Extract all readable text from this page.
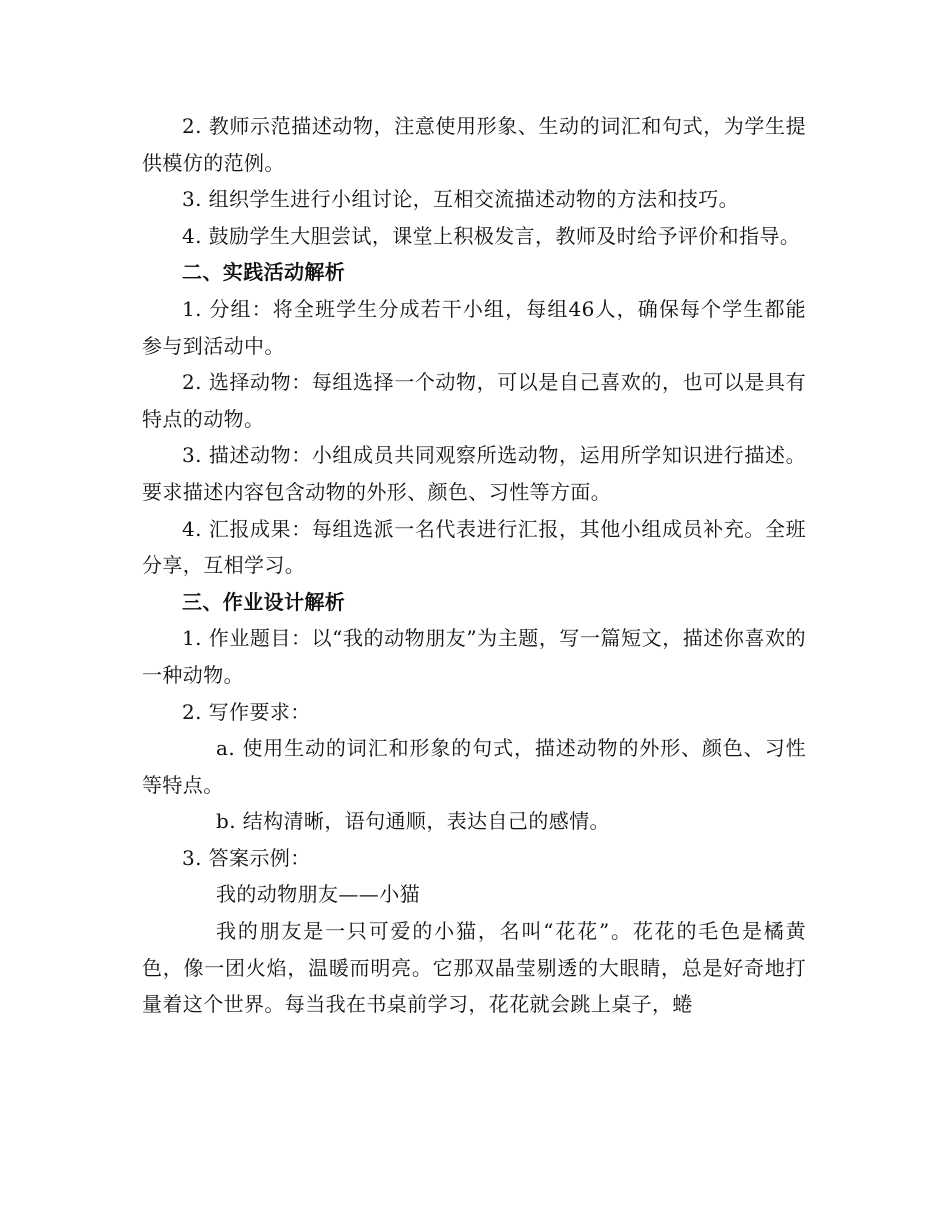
2. 教师示范描述动物，注意使用形象、生动的词汇和句式，为学生提供模仿的范例。

3. 组织学生进行小组讨论，互相交流描述动物的方法和技巧。

4. 鼓励学生大胆尝试，课堂上积极发言，教师及时给予评价和指导。

二、实践活动解析

1. 分组：将全班学生分成若干小组，每组46人，确保每个学生都能参与到活动中。

2. 选择动物：每组选择一个动物，可以是自己喜欢的，也可以是具有特点的动物。

3. 描述动物：小组成员共同观察所选动物，运用所学知识进行描述。要求描述内容包含动物的外形、颜色、习性等方面。

4. 汇报成果：每组选派一名代表进行汇报，其他小组成员补充。全班分享，互相学习。

三、作业设计解析

1. 作业题目：以“我的动物朋友”为主题，写一篇短文，描述你喜欢的一种动物。

2. 写作要求：

a. 使用生动的词汇和形象的句式，描述动物的外形、颜色、习性等特点。

b. 结构清晰，语句通顺，表达自己的感情。

3. 答案示例：

我的动物朋友——小猫

我的朋友是一只可爱的小猫，名叫“花花”。花花的毛色是橘黄色，像一团火焰，温暖而明亮。它那双晶莹剔透的大眼睛，总是好奇地打量着这个世界。每当我在书桌前学习，花花就会跳上桌子，蜷
